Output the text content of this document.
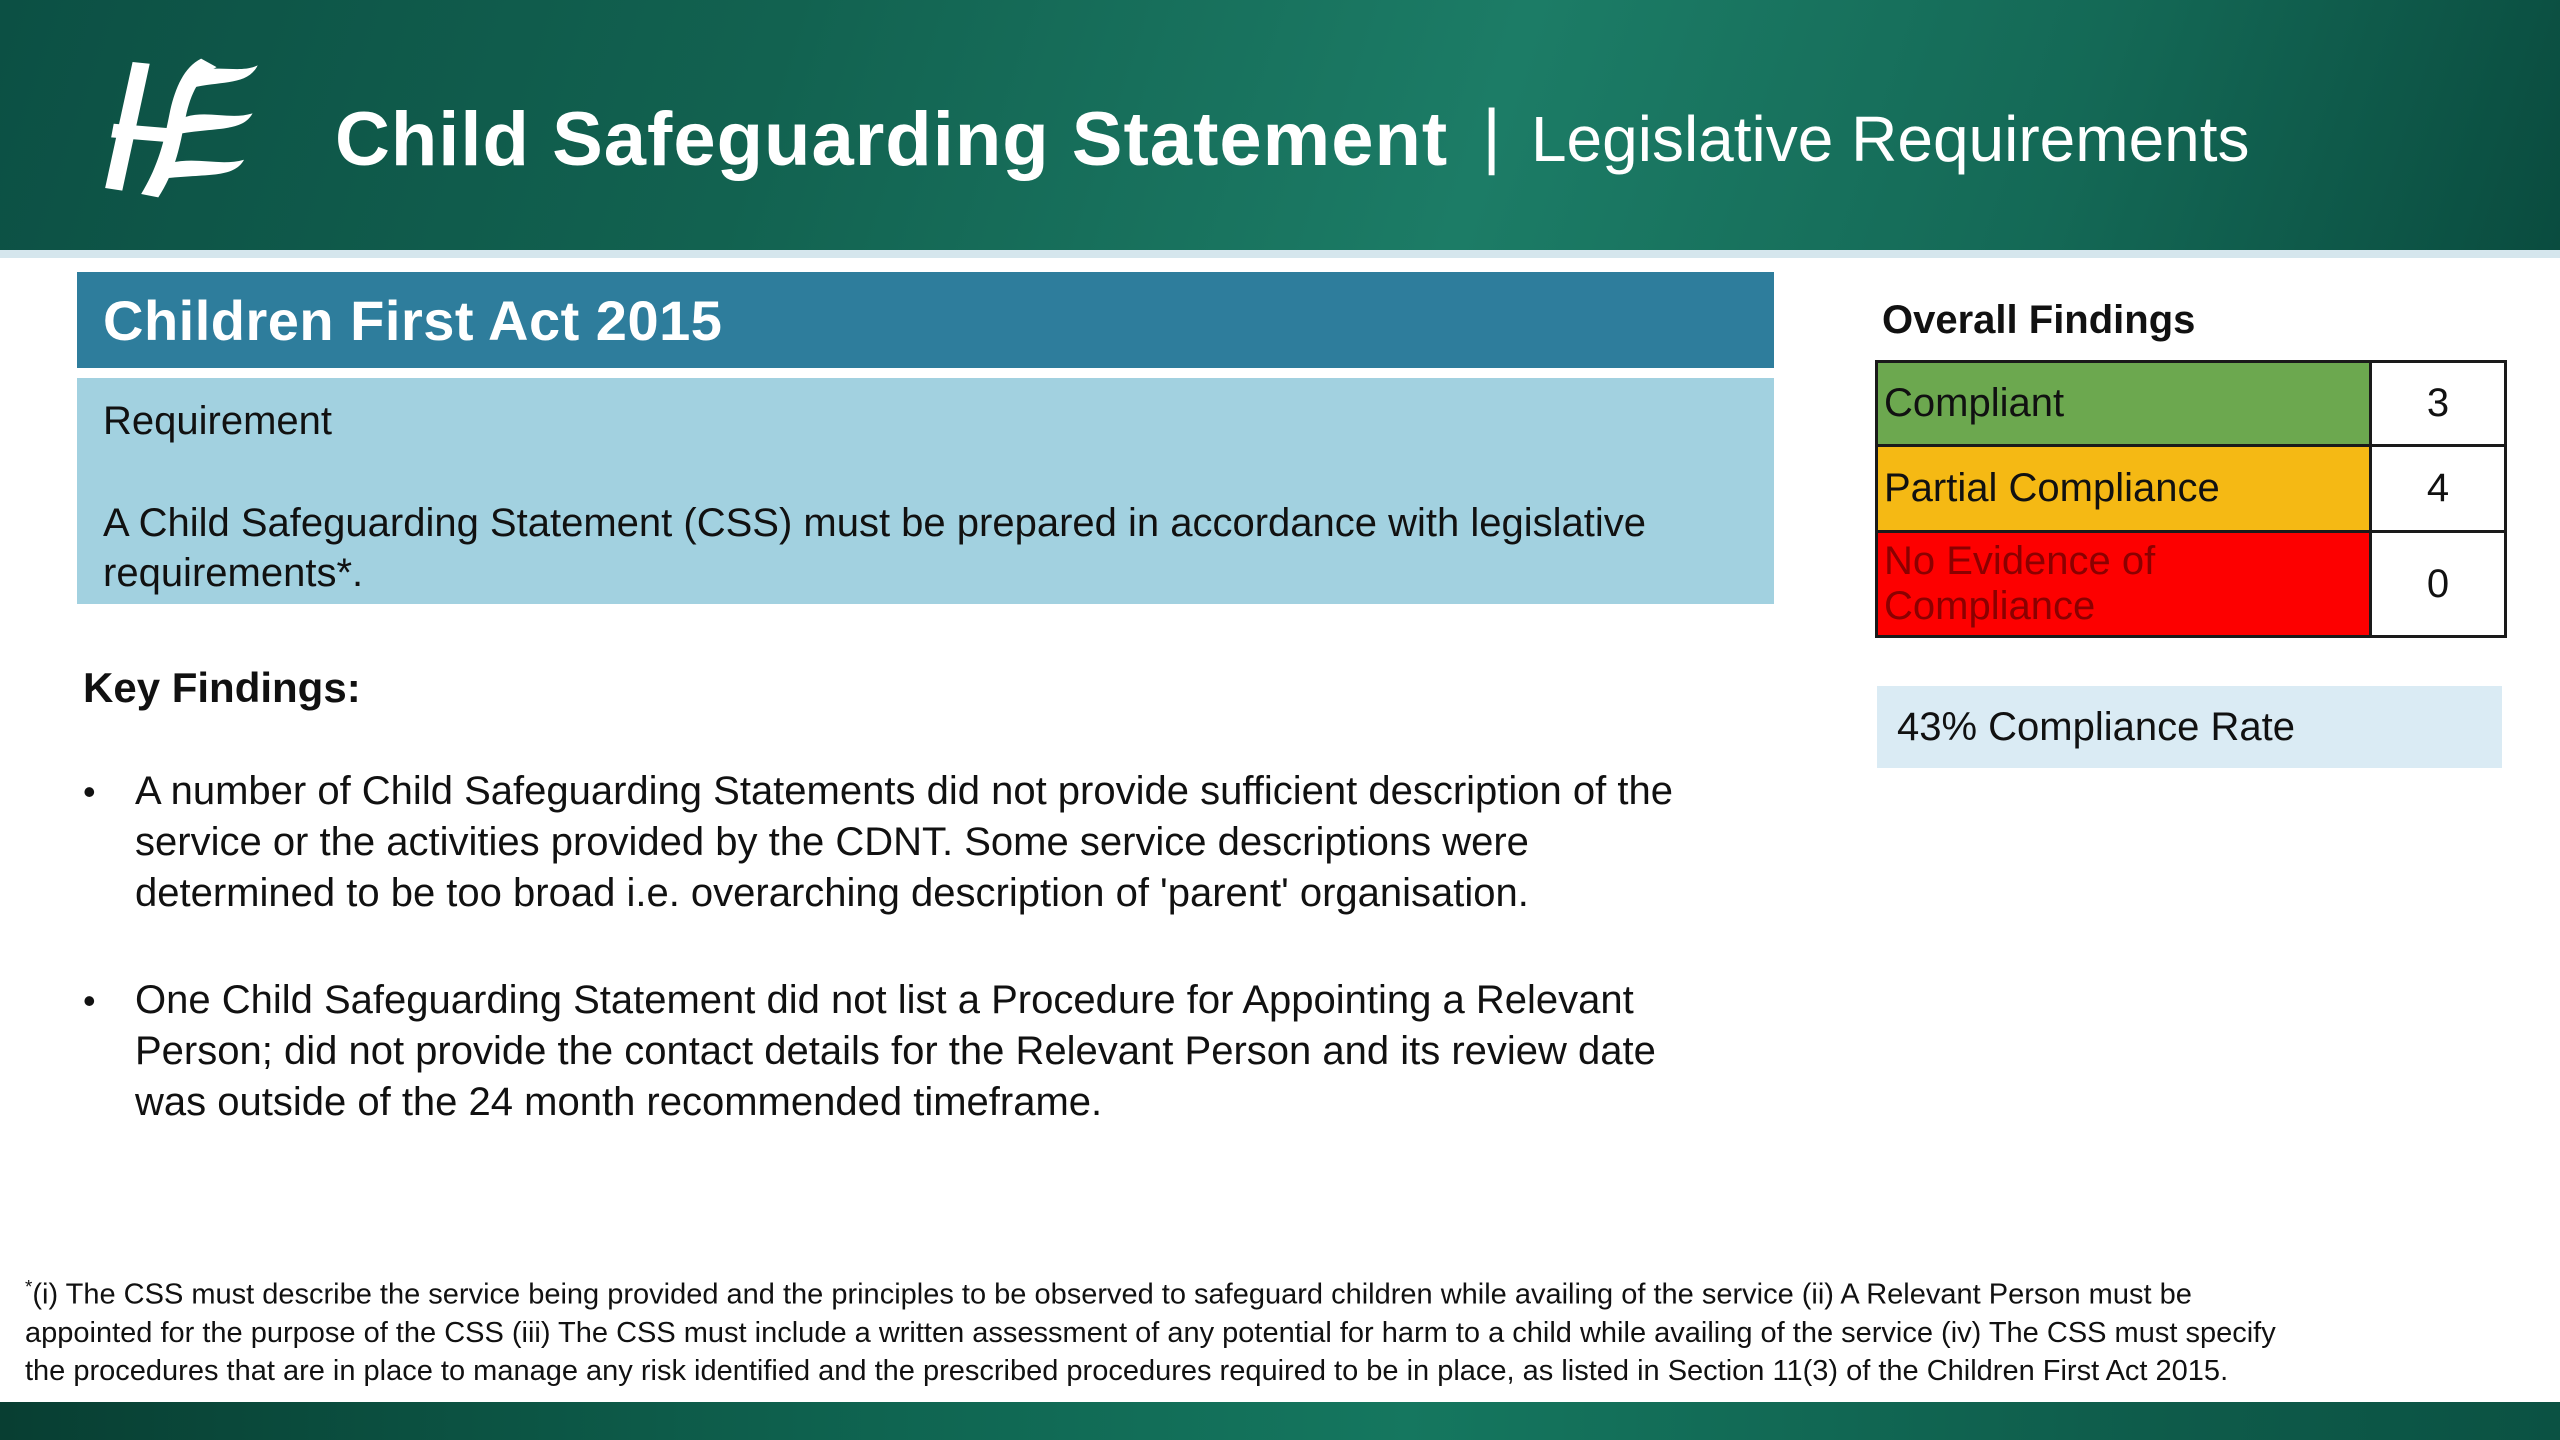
Child Safeguarding Statement | Legislative Requirements
Children First Act 2015
Requirement
A Child Safeguarding Statement (CSS) must be prepared in accordance with legislative requirements*.
Key Findings:
• A number of Child Safeguarding Statements did not provide sufficient description of the service or the activities provided by the CDNT. Some service descriptions were determined to be too broad i.e. overarching description of 'parent' organisation.
• One Child Safeguarding Statement did not list a Procedure for Appointing a Relevant Person; did not provide the contact details for the Relevant Person and its review date was outside of the 24 month recommended timeframe.
Overall Findings
Compliant	3
Partial Compliance	4
No Evidence of Compliance
0
43% Compliance Rate
*(i) The CSS must describe the service being provided and the principles to be observed to safeguard children while availing of the service (ii) A Relevant Person must be
appointed for the purpose of the CSS (iii) The CSS must include a written assessment of any potential for harm to a child while availing of the service (iv) The CSS must specify
the procedures that are in place to manage any risk identified and the prescribed procedures required to be in place, as listed in Section 11(3) of the Children First Act 2015.
